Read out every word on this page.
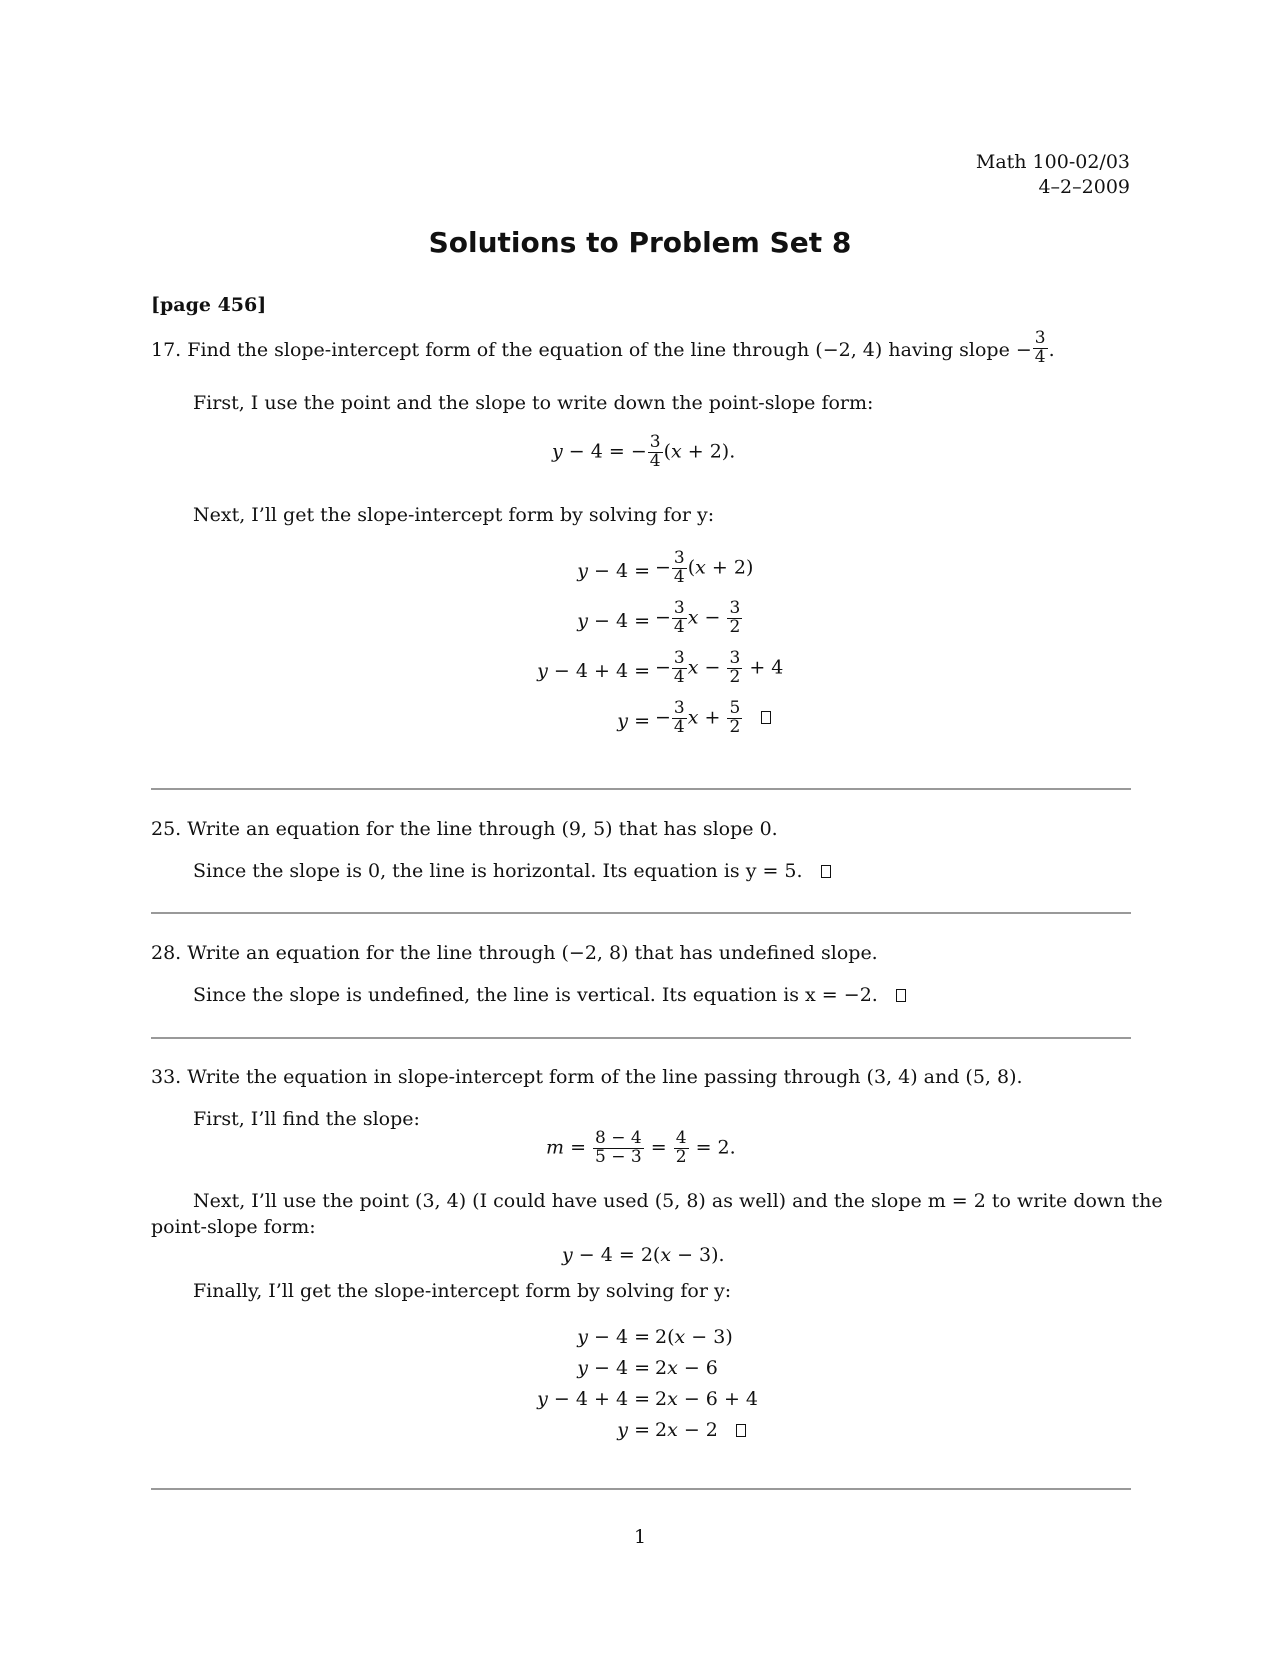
Math 100-02/03
4–2–2009
Solutions to Problem Set 8
[page 456]
17. Find the slope-intercept form of the equation of the line through (−2, 4) having slope − $\frac{3}{4}$ .
First, I use the point and the slope to write down the point-slope form:
y − 4 = − $\frac{3}{4} (x + 2)$.
Next, I’ll get the slope-intercept form by solving for y:
y − 4 = − $\frac{3}{4} (x + 2)$
y − 4 = − $\frac{3}{4}$ $x - \frac{3}{2}$
y − 4 + 4 = − $\frac{3}{4}$ $x - \frac{3}{2} + 4$
y = − $\frac{3}{4}$ $x + \frac{5}{2}$

25. Write an equation for the line through (9, 5) that has slope 0.
Since the slope is 0, the line is horizontal. Its equation is y = 5.
28. Write an equation for the line through (−2, 8) that has undefined slope.
Since the slope is undefined, the line is vertical. Its equation is x = −2.
33. Write the equation in slope-intercept form of the line passing through (3, 4) and (5, 8).
First, I’ll find the slope:
$m = \frac{8 - 4}{5 - 3} = \frac{4}{2} = 2$.
Next, I’ll use the point (3, 4) (I could have used (5, 8) as well) and the slope m = 2 to write down the
point-slope form:
y − 4 = 2(x − 3).
Finally, I’ll get the slope-intercept form by solving for y:
y − 4 = 2(x − 3)
y − 4 = 2x − 6
y − 4 + 4 = 2x − 6 + 4
y = 2x − 2
1
